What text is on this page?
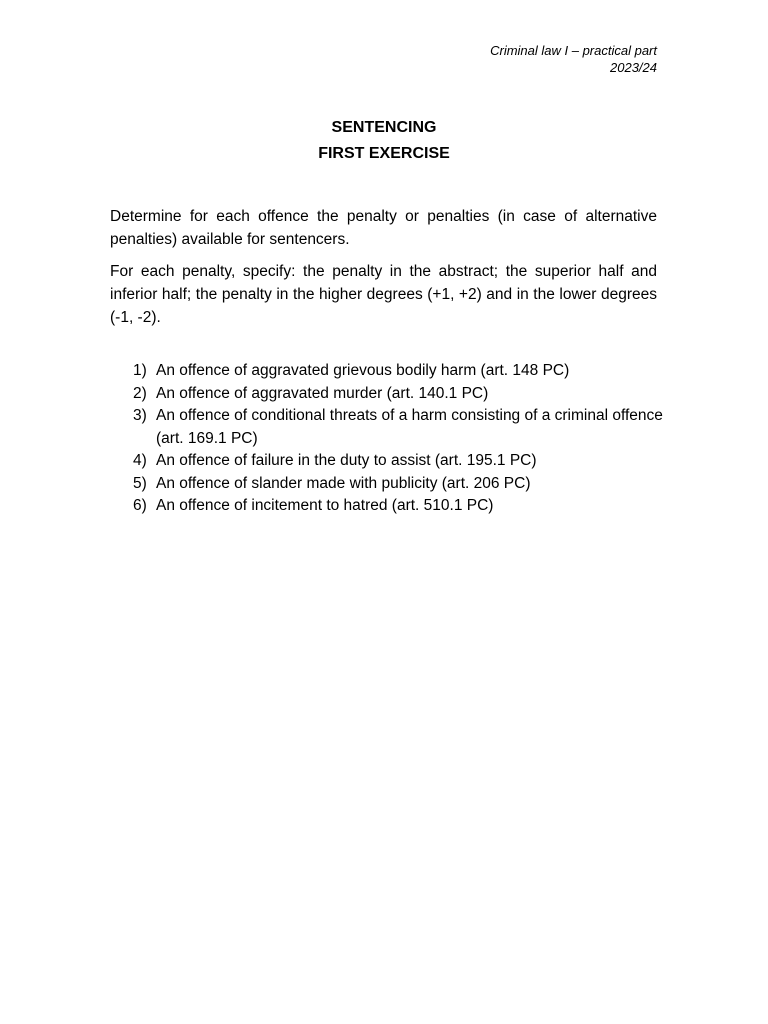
Criminal law I – practical part
2023/24
SENTENCING
FIRST EXERCISE

Determine for each offence the penalty or penalties (in case of alternative penalties) available for sentencers.

For each penalty, specify: the penalty in the abstract; the superior half and inferior half; the penalty in the higher degrees (+1, +2) and in the lower degrees (-1, -2).

1) An offence of aggravated grievous bodily harm (art. 148 PC)
2) An offence of aggravated murder (art. 140.1 PC)
3) An offence of conditional threats of a harm consisting of a criminal offence (art. 169.1 PC)
4) An offence of failure in the duty to assist (art. 195.1 PC)
5) An offence of slander made with publicity (art. 206 PC)
6) An offence of incitement to hatred (art. 510.1 PC)
